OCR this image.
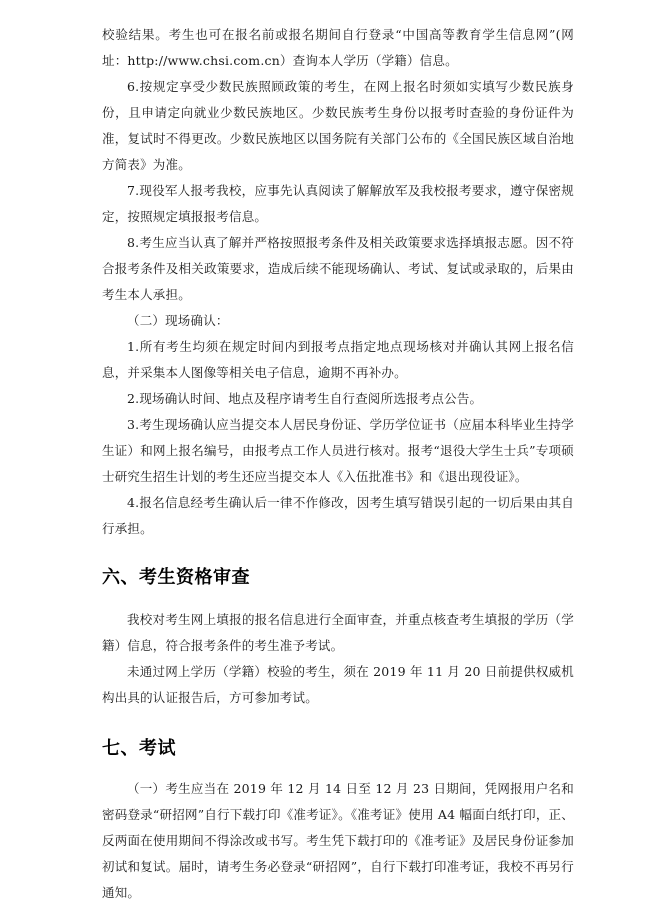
校验结果。考生也可在报名前或报名期间自行登录“中国高等教育学生信息网”(网址：http://www.chsi.com.cn）查询本人学历（学籍）信息。

6.按规定享受少数民族照顾政策的考生，在网上报名时须如实填写少数民族身份，且申请定向就业少数民族地区。少数民族考生身份以报考时查验的身份证件为准，复试时不得更改。少数民族地区以国务院有关部门公布的《全国民族区域自治地方简表》为准。

7.现役军人报考我校，应事先认真阅读了解解放军及我校报考要求，遵守保密规定，按照规定填报报考信息。

8.考生应当认真了解并严格按照报考条件及相关政策要求选择填报志愿。因不符合报考条件及相关政策要求，造成后续不能现场确认、考试、复试或录取的，后果由考生本人承担。

（二）现场确认：

1.所有考生均须在规定时间内到报考点指定地点现场核对并确认其网上报名信息，并采集本人图像等相关电子信息，逾期不再补办。

2.现场确认时间、地点及程序请考生自行查阅所选报考点公告。

3.考生现场确认应当提交本人居民身份证、学历学位证书（应届本科毕业生持学生证）和网上报名编号，由报考点工作人员进行核对。报考“退役大学生士兵”专项硕士研究生招生计划的考生还应当提交本人《入伍批准书》和《退出现役证》。

4.报名信息经考生确认后一律不作修改，因考生填写错误引起的一切后果由其自行承担。

六、考生资格审查

我校对考生网上填报的报名信息进行全面审查，并重点核查考生填报的学历（学籍）信息，符合报考条件的考生准予考试。

未通过网上学历（学籍）校验的考生，须在 2019 年 11 月 20 日前提供权威机构出具的认证报告后，方可参加考试。

七、考试

（一）考生应当在 2019 年 12 月 14 日至 12 月 23 日期间，凭网报用户名和密码登录“研招网”自行下载打印《准考证》。《准考证》使用 A4 幅面白纸打印，正、反两面在使用期间不得涂改或书写。考生凭下载打印的《准考证》及居民身份证参加初试和复试。届时，请考生务必登录“研招网”，自行下载打印准考证，我校不再另行通知。
